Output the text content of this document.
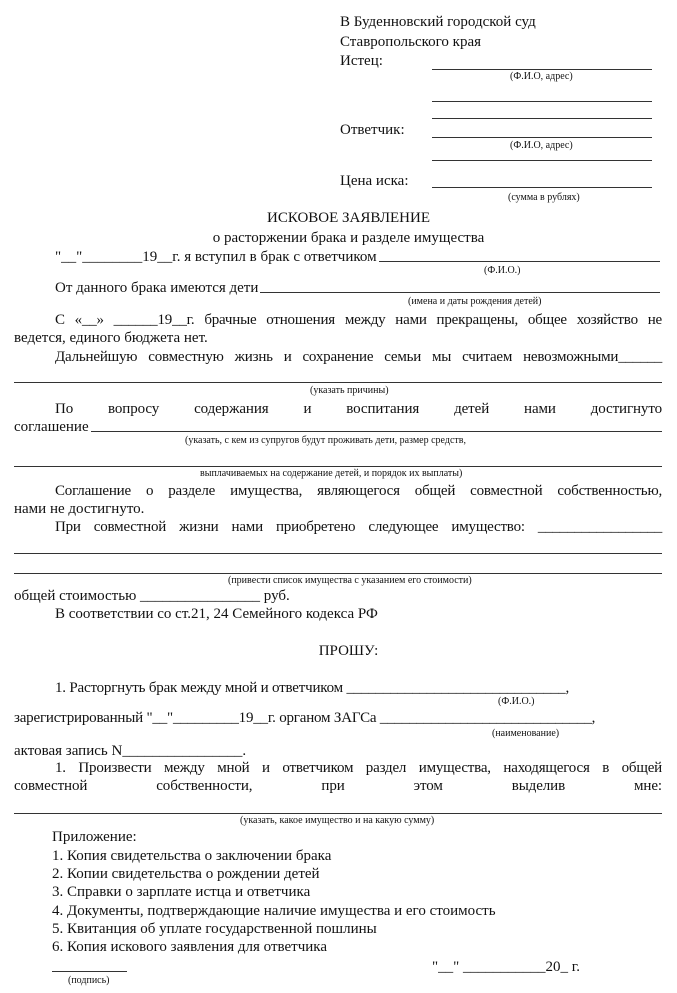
В Буденновский городской суд
Ставропольского края
Истец:
(Ф.И.О, адрес)
Ответчик:
(Ф.И.О, адрес)
Цена иска:
(сумма в рублях)
ИСКОВОЕ ЗАЯВЛЕНИЕ
о расторжении брака и разделе имущества
"__"________19__г. я вступил в брак с ответчиком
(Ф.И.О.)
От данного брака имеются дети
(имена и даты рождения детей)
С «__» ______19__г. брачные отношения между нами прекращены, общее хозяйство не
ведется, единого бюджета нет.
Дальнейшую совместную жизнь и сохранение семьи мы считаем невозможными______
(указать причины)
По вопросу содержания и воспитания детей нами достигнуто
соглашение
(указать, с кем из супругов будут проживать дети, размер средств,
выплачиваемых на содержание детей, и порядок их выплаты)
Соглашение о разделе имущества, являющегося общей совместной собственностью,
нами не достигнуто.
При совместной жизни нами приобретено следующее имущество: _________________
(привести список имущества с указанием его стоимости)
общей стоимостью ________________ руб.
В соответствии со ст.21, 24 Семейного кодекса РФ
ПРОШУ:
1. Расторгнуть брак между мной и ответчиком ______________________________,
(Ф.И.О.)
зарегистрированный "__"_________19__г. органом ЗАГСа _____________________________,
(наименование)
актовая запись N________________.
1. Произвести между мной и ответчиком раздел имущества, находящегося в общей
совместной собственности, при этом выделив мне:
(указать, какое имущество и на какую сумму)
Приложение:
1. Копия свидетельства о заключении брака
2. Копии свидетельства о рождении детей
3. Справки о зарплате истца и ответчика
4. Документы, подтверждающие наличие имущества и его стоимость
5. Квитанция об уплате государственной пошлины
6. Копия искового заявления для ответчика
(подпись)
"__" ___________20_ г.
